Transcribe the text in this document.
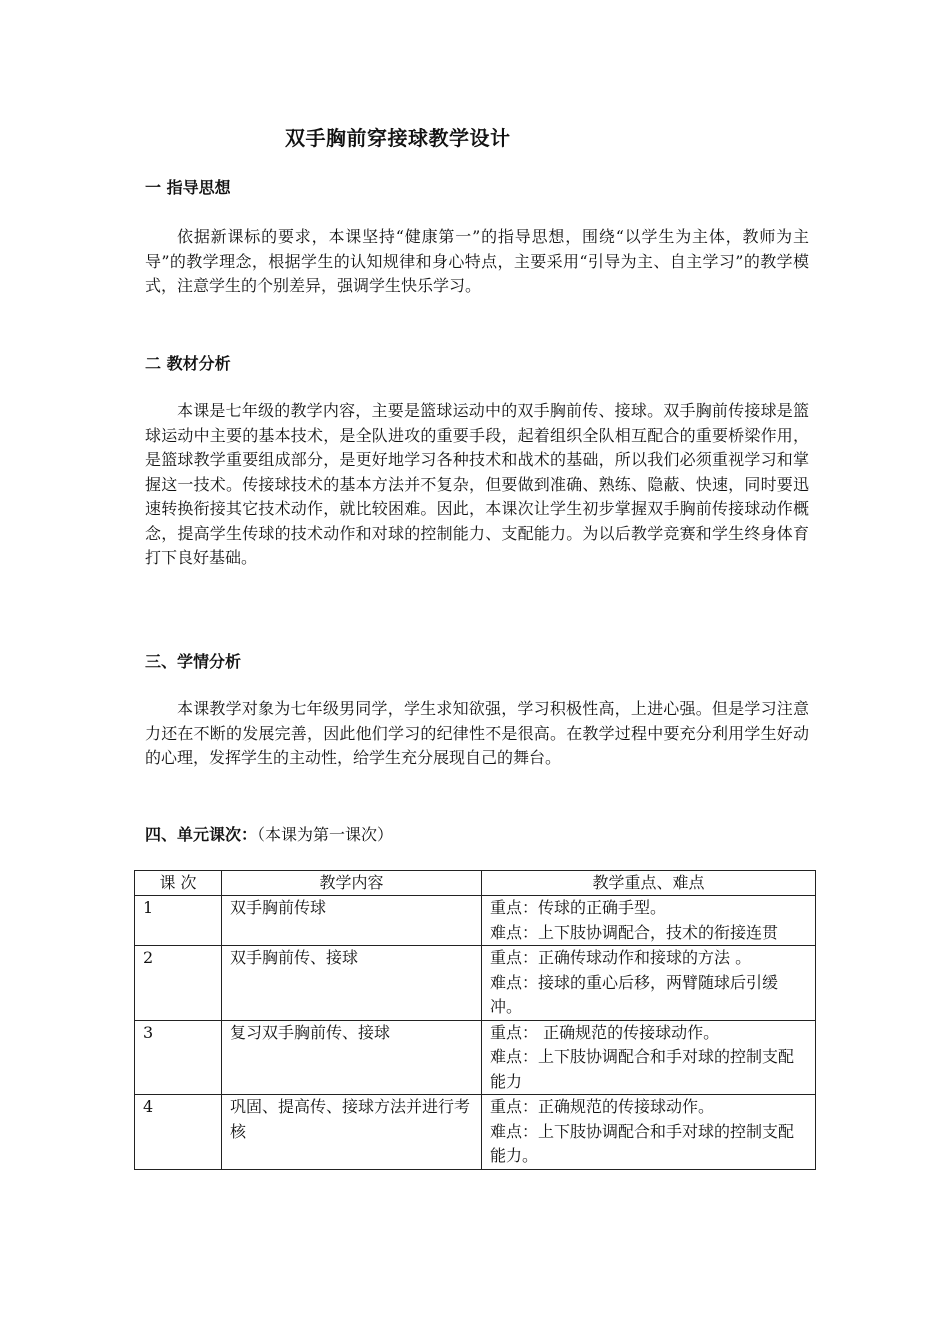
双手胸前穿接球教学设计
一 指导思想
依据新课标的要求，本课坚持“健康第一”的指导思想，围绕“以学生为主体，教师为主导”的教学理念，根据学生的认知规律和身心特点，主要采用“引导为主、自主学习”的教学模式，注意学生的个别差异，强调学生快乐学习。
二 教材分析
本课是七年级的教学内容，主要是篮球运动中的双手胸前传、接球。双手胸前传接球是篮球运动中主要的基本技术，是全队进攻的重要手段，起着组织全队相互配合的重要桥梁作用，是篮球教学重要组成部分，是更好地学习各种技术和战术的基础，所以我们必须重视学习和掌握这一技术。传接球技术的基本方法并不复杂，但要做到准确、熟练、隐蔽、快速，同时要迅速转换衔接其它技术动作，就比较困难。因此，本课次让学生初步掌握双手胸前传接球动作概念，提高学生传球的技术动作和对球的控制能力、支配能力。为以后教学竞赛和学生终身体育打下良好基础。
三、学情分析
本课教学对象为七年级男同学，学生求知欲强，学习积极性高，上进心强。但是学习注意力还在不断的发展完善，因此他们学习的纪律性不是很高。在教学过程中要充分利用学生好动的心理，发挥学生的主动性，给学生充分展现自己的舞台。
四、单元课次：（本课为第一课次）
课 次	教学内容	教学重点、难点
1	双手胸前传球	重点：传球的正确手型。
难点：上下肢协调配合，技术的衔接连贯

2	双手胸前传、接球	重点：正确传球动作和接球的方法 。
难点：接球的重心后移，两臂随球后引缓冲。

3	复习双手胸前传、接球	重点： 正确规范的传接球动作。
难点：上下肢协调配合和手对球的控制支配能力

4	巩固、提高传、接球方法并进行考核	重点：正确规范的传接球动作。
难点：上下肢协调配合和手对球的控制支配能力。
